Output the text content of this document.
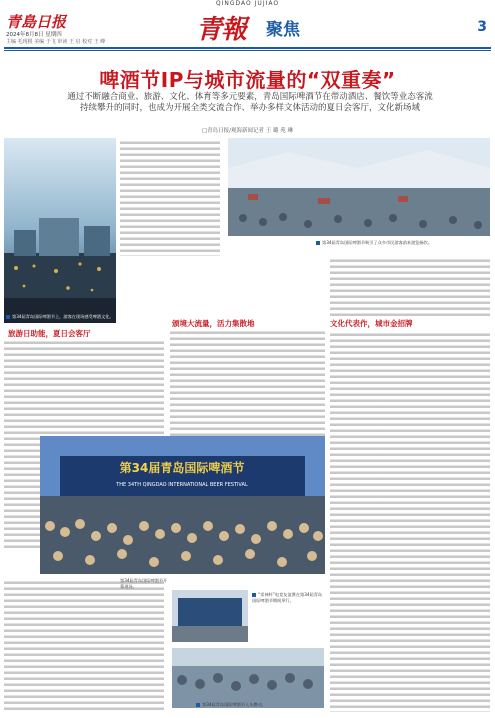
QINGDAO JUJIAO
青島日报
2024年8月8日 星期四
主编 毛现根 美编 于飞 审读 王 启 校对 王 峰	青報 聚焦	3
啤酒节IP与城市流量的“双重奏”
通过不断融合商业、旅游、文化、体育等多元要素，青岛国际啤酒节在带动酒店、餐饮等业态客流
持续攀升的同时，也成为开展全类交流合作、举办多样文体活动的夏日会客厅，文化新场域
□青岛日报/观海新闻记者 王 璐 苑 琳
第34届青岛国际啤酒节上，游客在现场感受啤酒文化。
第34届青岛国际啤酒节吸引了众多市民游客前来游览畅饮。
文化代表作，城市金招牌
旅游日助能，夏日会客厅
颁境大流量，活力集散地
第34届青岛国际啤酒节
THE 34TH QINGDAO INTERNATIONAL BEER FESTIVAL
“雷神杯”电竞友谊赛在第34届青岛国际啤酒节期间举行。
第34届青岛国际啤酒节人头攒动。
第34届青岛国际啤酒节开幕现场。
